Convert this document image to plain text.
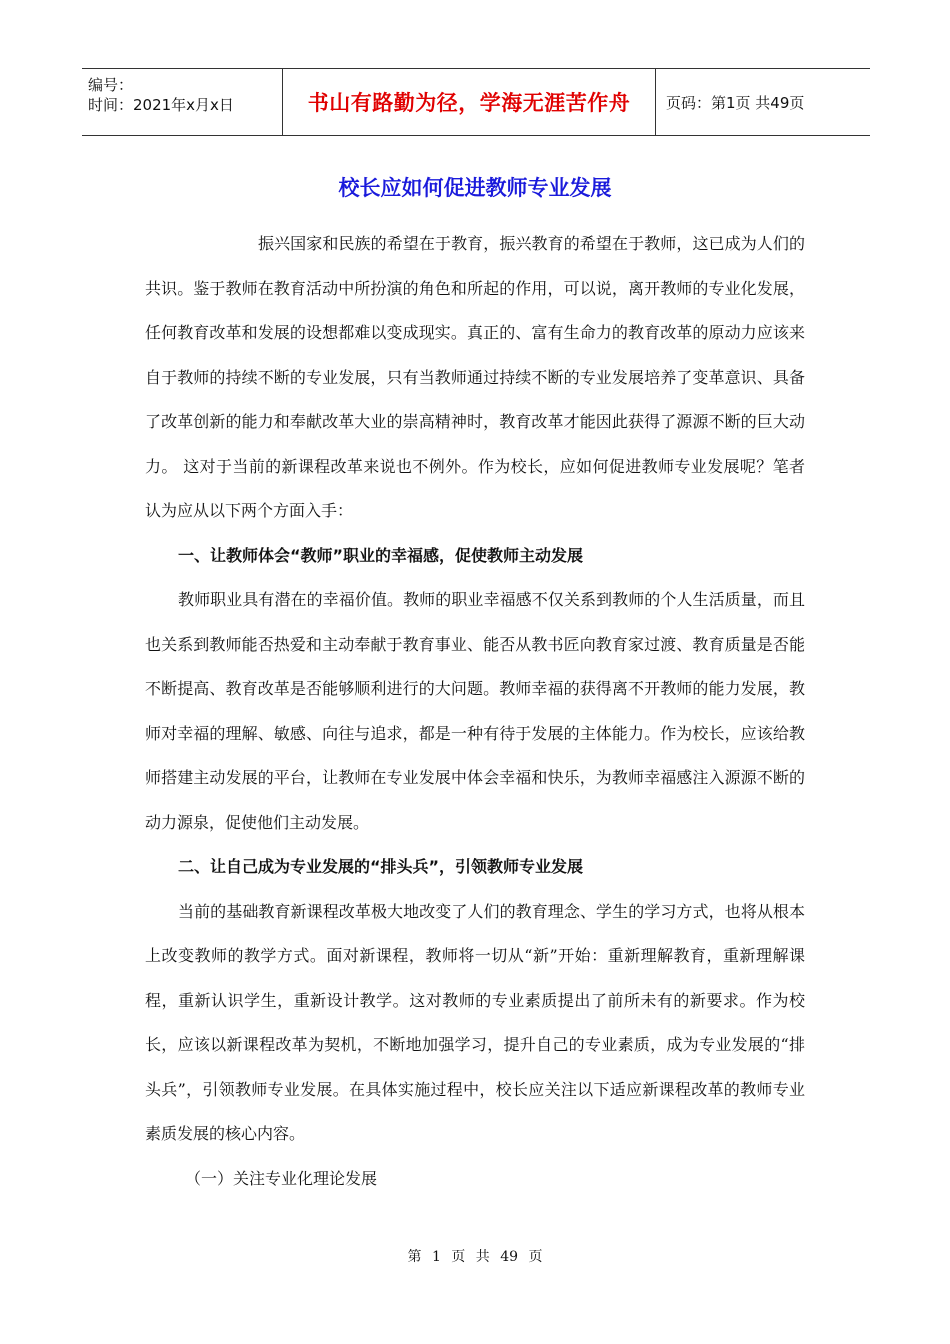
编号：
时间：2021年x月x日	书山有路勤为径，学海无涯苦作舟 页码：第1页 共49页
校长应如何促进教师专业发展

振兴国家和民族的希望在于教育，振兴教育的希望在于教师，这已成为人们的共识。鉴于教师在教育活动中所扮演的角色和所起的作用，可以说，离开教师的专业化发展，任何教育改革和发展的设想都难以变成现实。真正的、富有生命力的教育改革的原动力应该来自于教师的持续不断的专业发展，只有当教师通过持续不断的专业发展培养了变革意识、具备了改革创新的能力和奉献改革大业的崇高精神时，教育改革才能因此获得了源源不断的巨大动力。 这对于当前的新课程改革来说也不例外。作为校长，应如何促进教师专业发展呢？笔者认为应从以下两个方面入手：

一、让教师体会“教师”职业的幸福感，促使教师主动发展

教师职业具有潜在的幸福价值。教师的职业幸福感不仅关系到教师的个人生活质量，而且也关系到教师能否热爱和主动奉献于教育事业、能否从教书匠向教育家过渡、教育质量是否能不断提高、教育改革是否能够顺利进行的大问题。教师幸福的获得离不开教师的能力发展，教师对幸福的理解、敏感、向往与追求，都是一种有待于发展的主体能力。作为校长，应该给教师搭建主动发展的平台，让教师在专业发展中体会幸福和快乐，为教师幸福感注入源源不断的动力源泉，促使他们主动发展。

二、让自己成为专业发展的“排头兵”，引领教师专业发展

当前的基础教育新课程改革极大地改变了人们的教育理念、学生的学习方式，也将从根本上改变教师的教学方式。面对新课程，教师将一切从“新”开始：重新理解教育，重新理解课程，重新认识学生，重新设计教学。这对教师的专业素质提出了前所未有的新要求。作为校长，应该以新课程改革为契机，不断地加强学习，提升自己的专业素质，成为专业发展的“排头兵”，引领教师专业发展。在具体实施过程中，校长应关注以下适应新课程改革的教师专业素质发展的核心内容。

（一）关注专业化理论发展

第 1 页 共 49 页
